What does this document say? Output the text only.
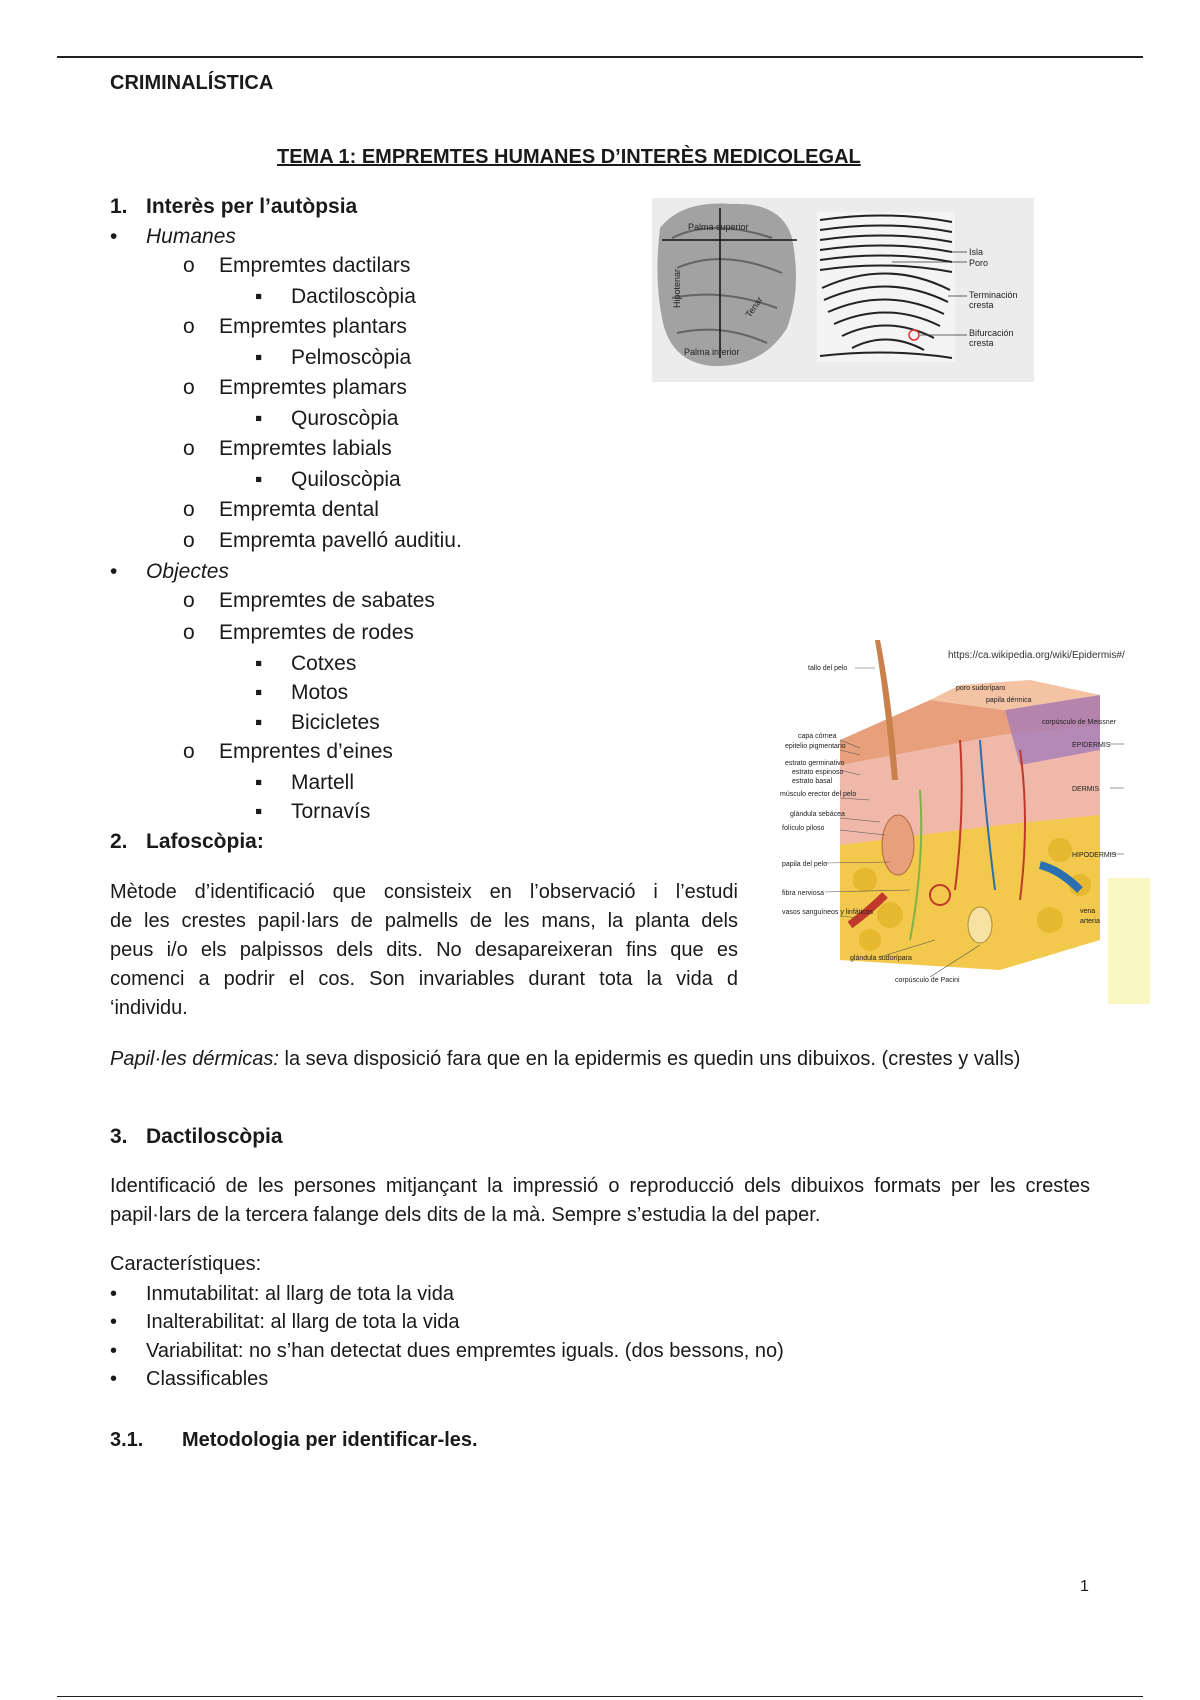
CRIMINALÍSTICA
TEMA 1: EMPREMTES HUMANES D’INTERÈS MEDICOLEGAL
1. Interès per l’autòpsia
• Humanes
o Empremtes dactilars
▪ Dactiloscòpia
o Empremtes plantars
▪ Pelmoscòpia
o Empremtes plamars
▪ Quroscòpia
o Empremtes labials
▪ Quiloscòpia
o Empremta dental
o Empremta pavelló auditiu.
• Objectes
o Empremtes de sabates
o Empremtes de rodes
▪ Cotxes
▪ Motos
▪ Bicicletes
o Emprentes d’eines
▪ Martell
▪ Tornavís
2. Lafoscòpia:
Mètode d’identificació que consisteix en l’observació i l’estudi
de les crestes papil·lars de palmells de les mans, la planta dels
peus i/o els palpissos dels dits. No desapareixeran fins que es
comenci a podrir el cos. Son invariables durant tota la vida d
‘individu.
Papil·les dérmicas: la seva disposició fara que en la epidermis es quedin uns dibuixos. (crestes y valls)
3. Dactiloscòpia
Identificació de les persones mitjançant la impressió o reproducció dels dibuixos formats per les crestes papil·lars de la tercera falange dels dits de la mà. Sempre s’estudia la del paper.
Característiques:
• Inmutabilitat: al llarg de tota la vida
• Inalterabilitat: al llarg de tota la vida
• Variabilitat: no s’han detectat dues empremtes iguals. (dos bessons, no)
• Classificables
3.1. Metodologia per identificar-les.
1
Palma superior
Palma inferior
Hipotenar	Tenar
Isla
Poro
Terminación
cresta
Bifurcación
cresta
https://ca.wikipedia.org/wiki/Epidermis#/
tallo del pelo
capa córnea
epitelio pigmentario
estrato germinativo
estrato espinoso
estrato basal
músculo erector del pelo
glándula sebácea
folículo piloso
papila del pelo
fibra nerviosa
vasos sanguíneos y linfáticos
glándula sudorípara
corpúsculo de Pacini
poro sudoríparo
papila dérmica
corpúsculo de Meissner
EPIDERMIS
DERMIS
HIPODERMIS
vena
arteria
